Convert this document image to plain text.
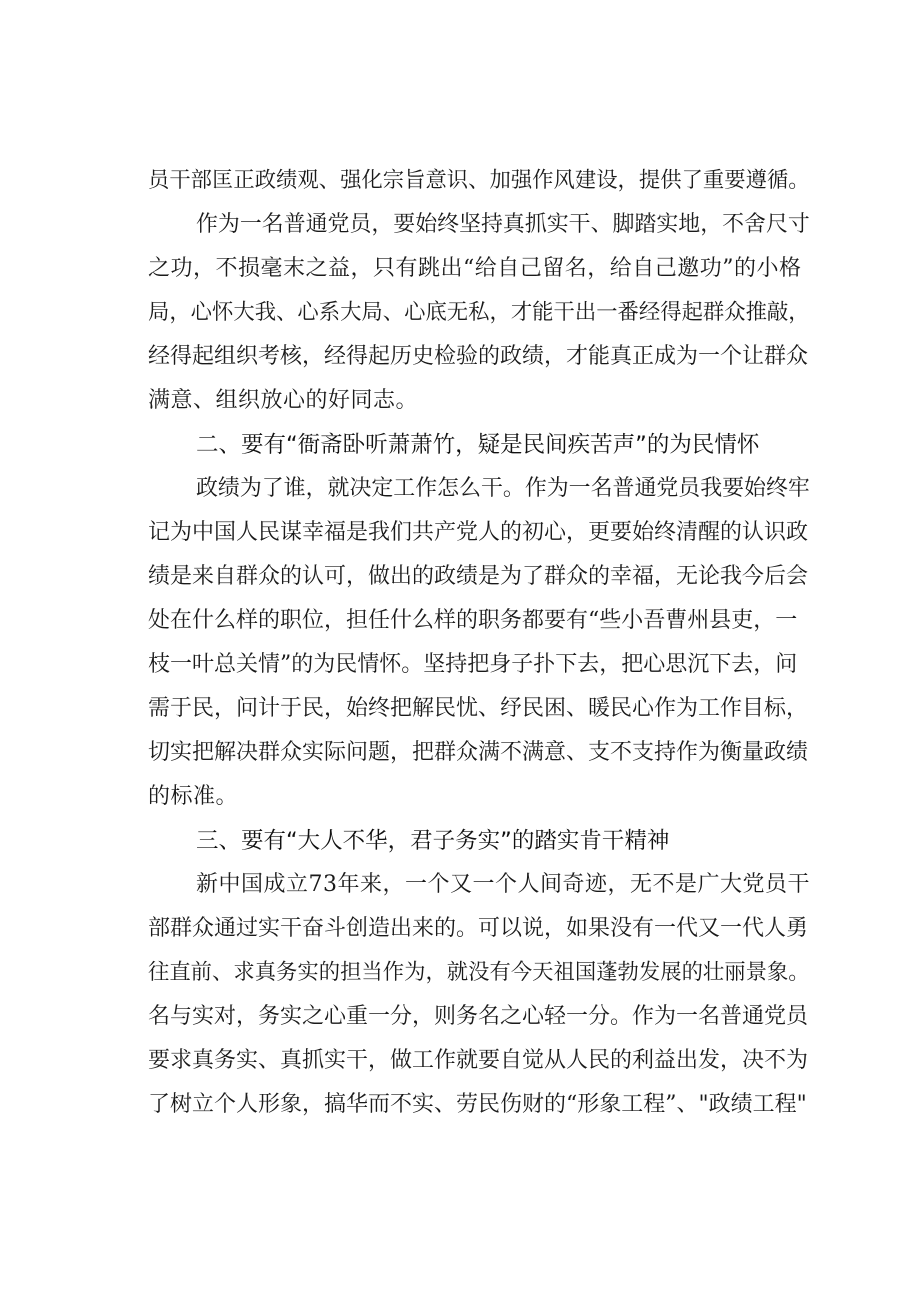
员干部匡正政绩观、强化宗旨意识、加强作风建设，提供了重要遵循。
作为一名普通党员，要始终坚持真抓实干、脚踏实地，不舍尺寸
之功，不损毫末之益，只有跳出“给自己留名，给自己邀功”的小格
局，心怀大我、心系大局、心底无私，才能干出一番经得起群众推敲，
经得起组织考核，经得起历史检验的政绩，才能真正成为一个让群众
满意、组织放心的好同志。
二、要有“衙斋卧听萧萧竹，疑是民间疾苦声”的为民情怀
政绩为了谁，就决定工作怎么干。作为一名普通党员我要始终牢
记为中国人民谋幸福是我们共产党人的初心，更要始终清醒的认识政
绩是来自群众的认可，做出的政绩是为了群众的幸福，无论我今后会
处在什么样的职位，担任什么样的职务都要有“些小吾曹州县吏，一
枝一叶总关情”的为民情怀。坚持把身子扑下去，把心思沉下去，问
需于民，问计于民，始终把解民忧、纾民困、暖民心作为工作目标，
切实把解决群众实际问题，把群众满不满意、支不支持作为衡量政绩
的标准。
三、要有“大人不华，君子务实”的踏实肯干精神
新中国成立73年来，一个又一个人间奇迹，无不是广大党员干
部群众通过实干奋斗创造出来的。可以说，如果没有一代又一代人勇
往直前、求真务实的担当作为，就没有今天祖国蓬勃发展的壮丽景象。
名与实对，务实之心重一分，则务名之心轻一分。作为一名普通党员
要求真务实、真抓实干，做工作就要自觉从人民的利益出发，决不为
了树立个人形象，搞华而不实、劳民伤财的“形象工程”、"政绩工程"
